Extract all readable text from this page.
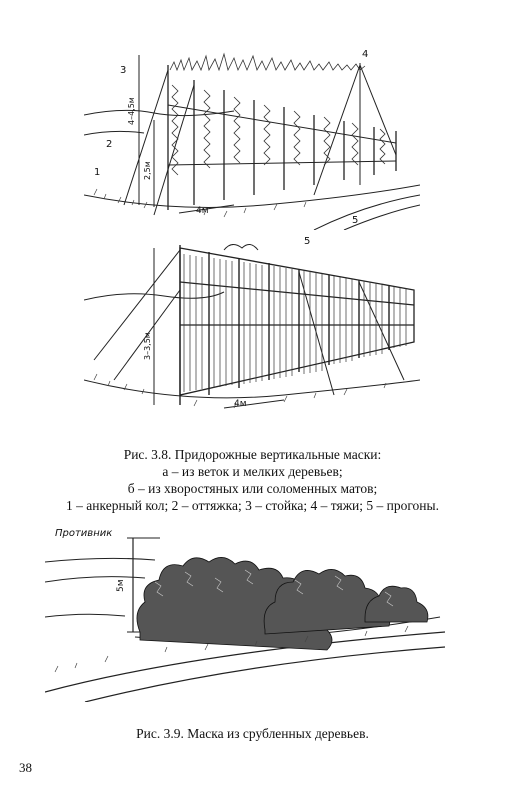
1
2
3
4
5
4–4,5м
2,5м
4м
5
3–3,5м
4м
Рис. 3.8. Придорожные вертикальные маски:
а – из веток и мелких деревьев;
б – из хворостяных или соломенных матов;
1 – анкерный кол; 2 – оттяжка; 3 – стойка; 4 – тяжи; 5 – прогоны.
Противник
5м
Рис. 3.9. Маска из срубленных деревьев.
38
